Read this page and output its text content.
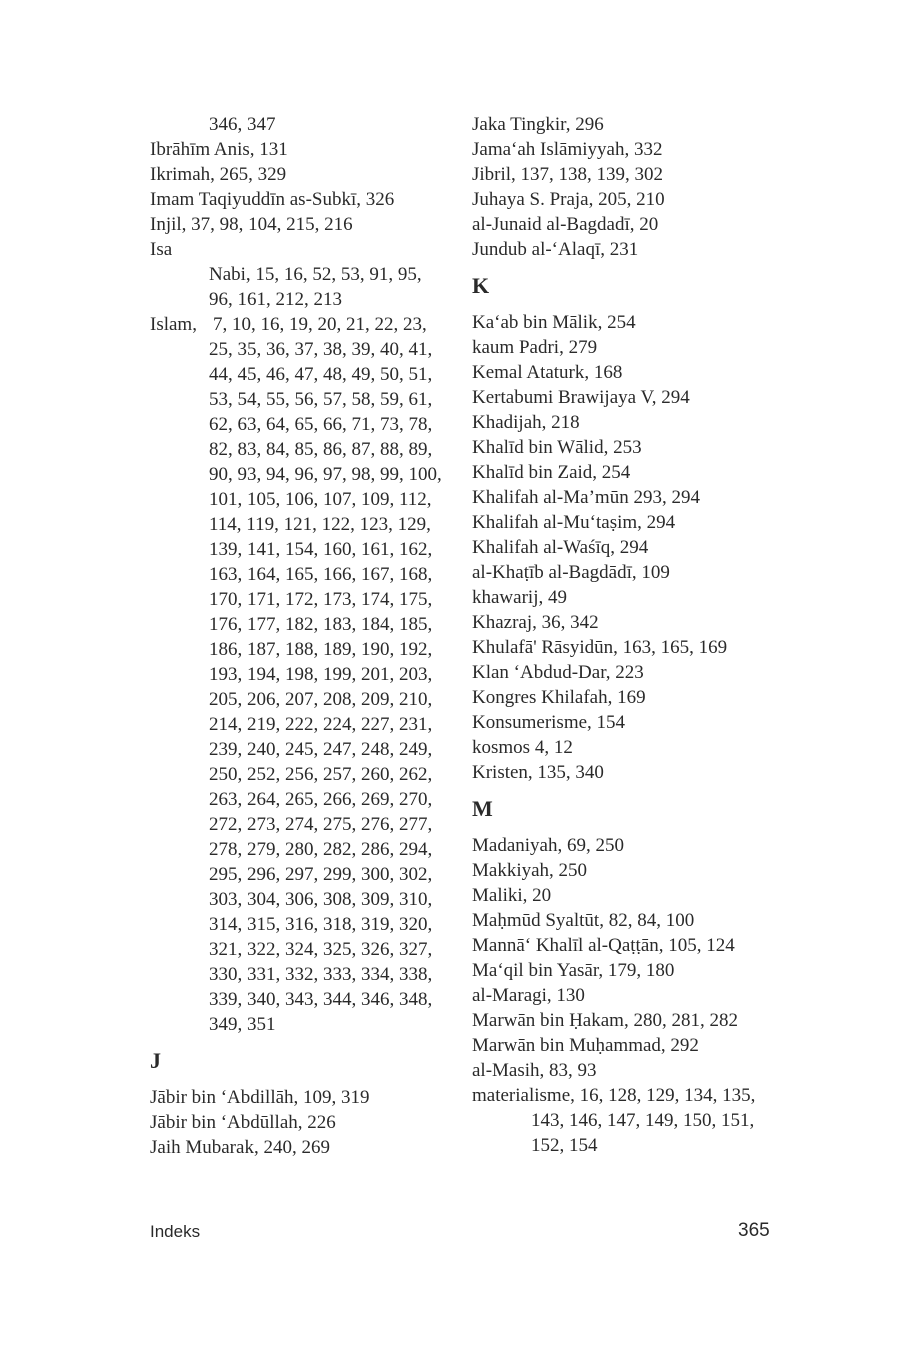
346, 347
Ibrāhīm Anis, 131
Ikrimah, 265, 329
Imam Taqiyuddīn as-Subkī, 326
Injil, 37, 98, 104, 215, 216
Isa
Nabi, 15, 16, 52, 53, 91, 95,
96, 161, 212, 213
Islam, 7, 10, 16, 19, 20, 21, 22, 23,
25, 35, 36, 37, 38, 39, 40, 41,
44, 45, 46, 47, 48, 49, 50, 51,
53, 54, 55, 56, 57, 58, 59, 61,
62, 63, 64, 65, 66, 71, 73, 78,
82, 83, 84, 85, 86, 87, 88, 89,
90, 93, 94, 96, 97, 98, 99, 100,
101, 105, 106, 107, 109, 112,
114, 119, 121, 122, 123, 129,
139, 141, 154, 160, 161, 162,
163, 164, 165, 166, 167, 168,
170, 171, 172, 173, 174, 175,
176, 177, 182, 183, 184, 185,
186, 187, 188, 189, 190, 192,
193, 194, 198, 199, 201, 203,
205, 206, 207, 208, 209, 210,
214, 219, 222, 224, 227, 231,
239, 240, 245, 247, 248, 249,
250, 252, 256, 257, 260, 262,
263, 264, 265, 266, 269, 270,
272, 273, 274, 275, 276, 277,
278, 279, 280, 282, 286, 294,
295, 296, 297, 299, 300, 302,
303, 304, 306, 308, 309, 310,
314, 315, 316, 318, 319, 320,
321, 322, 324, 325, 326, 327,
330, 331, 332, 333, 334, 338,
339, 340, 343, 344, 346, 348,
349, 351
J
Jābir bin ‘Abdillāh, 109, 319
Jābir bin ‘Abdūllah, 226
Jaih Mubarak, 240, 269
Jaka Tingkir, 296
Jama‘ah Islāmiyyah, 332
Jibril, 137, 138, 139, 302
Juhaya S. Praja, 205, 210
al-Junaid al-Bagdadī, 20
Jundub al-‘Alaqī, 231
K
Ka‘ab bin Mālik, 254
kaum Padri, 279
Kemal Ataturk, 168
Kertabumi Brawijaya V, 294
Khadijah, 218
Khalīd bin Wālid, 253
Khalīd bin Zaid, 254
Khalifah al-Ma’mūn 293, 294
Khalifah al-Mu‘taṣim, 294
Khalifah al-Waśīq, 294
al-Khaṭīb al-Bagdādī, 109
khawarij, 49
Khazraj, 36, 342
Khulafā' Rāsyidūn, 163, 165, 169
Klan ‘Abdud-Dar, 223
Kongres Khilafah, 169
Konsumerisme, 154
kosmos 4, 12
Kristen, 135, 340
M
Madaniyah, 69, 250
Makkiyah, 250
Maliki, 20
Maḥmūd Syaltūt, 82, 84, 100
Mannā‘ Khalīl al-Qaṭṭān, 105, 124
Ma‘qil bin Yasār, 179, 180
al-Maragi, 130
Marwān bin Ḥakam, 280, 281, 282
Marwān bin Muḥammad, 292
al-Masih, 83, 93
materialisme, 16, 128, 129, 134, 135,
143, 146, 147, 149, 150, 151,
152, 154
Indeks	365
